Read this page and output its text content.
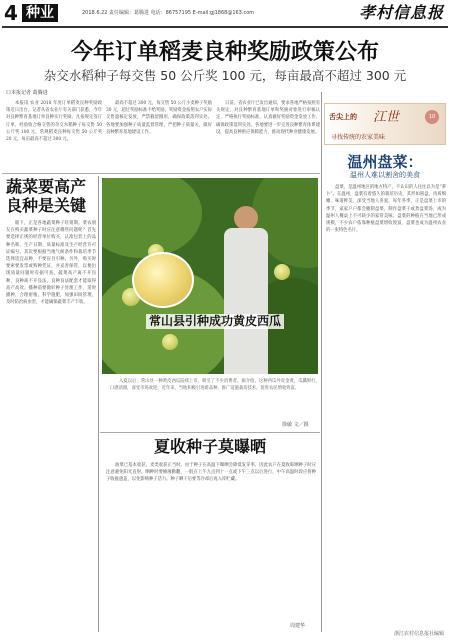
4 种业	2018.6.22 责任编辑：葛腾进 电话：86757195 E-mail:gj1868@163.com	孝村信息报
今年订单稻麦良种奖励政策公布
杂交水稻种子每交售 50 公斤奖 100 元，每亩最高不超过 300 元
口本报记者 葛腾进
本报讯 农业 2018 年度订单稻麦良种奖励政策近日出台。记者从省农业厅有关部门获悉，今年对良种繁育基地订单良种实行奖励。凡按规定签订订单，经验收合格交售的杂交水稻种子每交售 50 公斤奖 100 元，常规稻麦良种每交售 50 公斤奖 20 元，每亩最高不超过 300 元。
最高不超过 300 元，每交售 50 公斤小麦种子奖励 30 元，超过奖励标准不给奖励。奖励资金按照农户实际交售量核定发放，严禁截留挪用，确保政策落到实处。各地要加强种子质量监督管理，严把种子质量关，做好良种繁育基地建设工作。
日前，省农业厅已发出通知，要求各地严格按照有关规定，对良种繁育基地订单和奖励对象进行审核认定，严格执行奖励标准，认真做好奖励资金发放工作，确保政策落到实处。各地要进一步完善良种繁育体系建设，提高良种供应保障能力，推动现代种业健康发展。
蔬菜要高产 良种是关键
眼下，正是各地蔬菜种子旺销期。菜农朋友在购买蔬菜种子时应注意哪些问题呢？首先要选择正规的经营单位购买，认准包装上的品种名称、生产日期、质量标准及生产经营许可证编号。其次要根据当地气候条件和栽培季节选择适宜品种，不要盲目引种。另外，购买时要索要发票或购种凭证，并妥善保管，以便出现质量问题时有据可查。蔬菜高产离不开良种，良种离不开良法，良种良法配套才能取得高产高效。播种前要做好种子处理工作，适时播种，合理密植，科学施肥，加强田间管理，及时防治病虫害，才能确保蔬菜丰产丰收。
常山县引种成功黄皮西瓜
入夏以后，常山县一种黄皮西瓜陆续上市，吸引了不少消费者。据介绍，这种西瓜外皮金黄，瓜瓤鲜红，口感清甜，深受市场欢迎。近年来，当地积极引进新品种，推广设施栽培技术，促进农民增收致富。
徐敏 文／摄
夏收种子莫曝晒
油菜已基本收获，麦类收获正当时。由于种子在高温下曝晒会降低发芽率，因此农户在夏收晾晒种子时应注意避免阳光直射。晒种时要摊薄勤翻，一般在上午九点到十一点或下午三点以后进行，中午高温时段应将种子收拢遮盖，以免影响种子活力。种子晒干后要等冷却后再入库贮藏。
周建华
舌尖上的 江世	10
寻找传统的农家美味
温州盘菜：
温州人难以割舍的美食
盘菜，是温州地区的地方特产，不认识的人往往以为是“萝卜”。在温州，盘菜有着悠久的栽培历史，其形如圆盘，肉质细嫩，味道鲜美，深受当地人喜爱。每年冬季，正是盘菜上市的季节，家家户户都会腌制盘菜，制作盘菜干或煮盘菜汤，成为温州人餐桌上不可缺少的家常美味。盘菜的种植在当地已形成规模，不少农户依靠种植盘菜增收致富，盘菜也成为温州农业的一张特色名片。
浙江农村信息报社编辑
